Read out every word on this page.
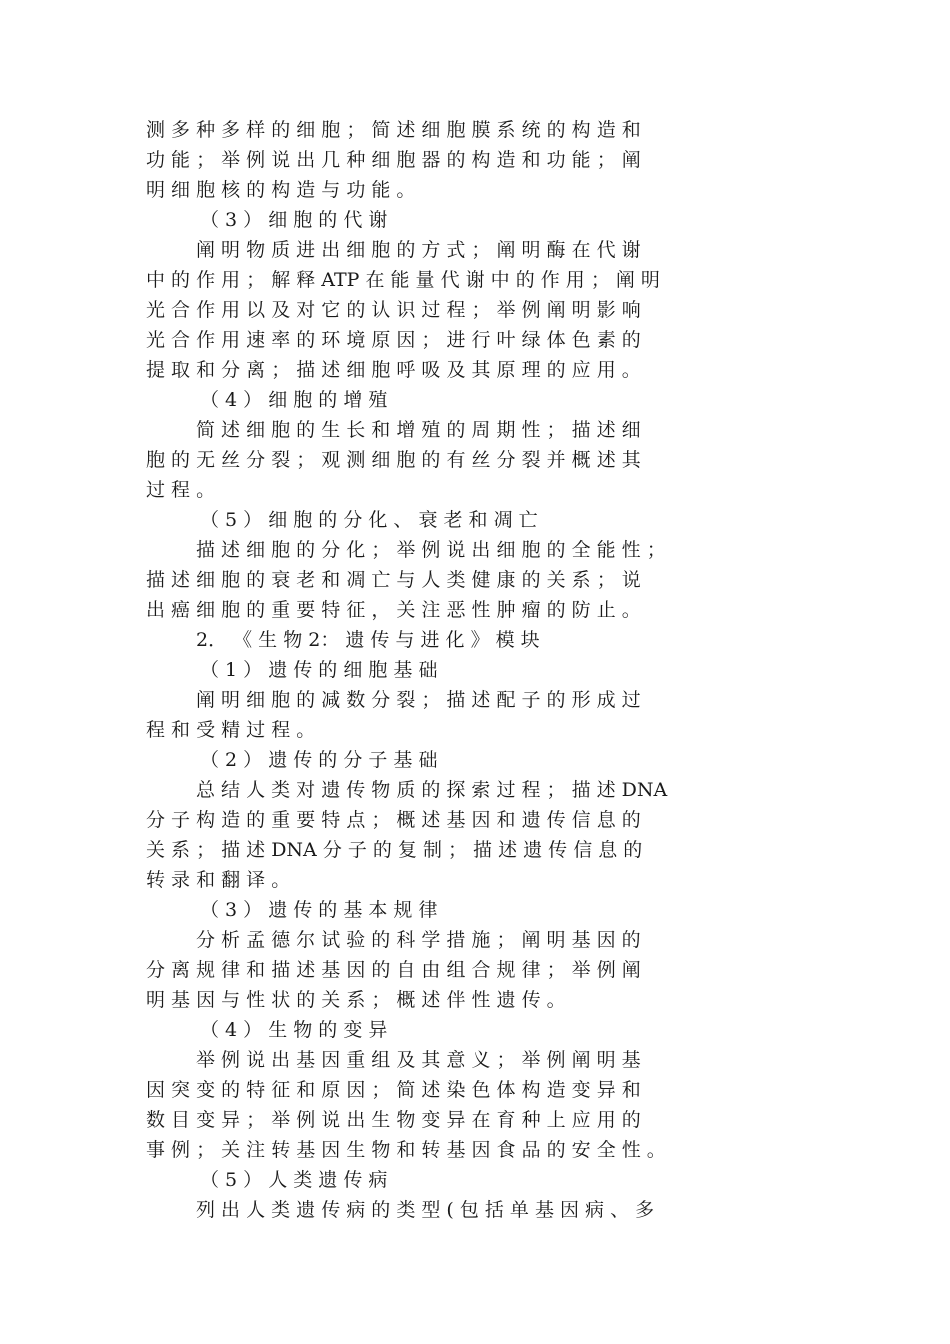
测 多 种 多 样 的 细 胞 ； 简 述 细 胞 膜 系 统 的 构 造 和
功 能 ； 举 例 说 出 几 种 细 胞 器 的 构 造 和 功 能 ； 阐
明 细 胞 核 的 构 造 与 功 能 。
（ 3 ） 细 胞 的 代 谢
阐 明 物 质 进 出 细 胞 的 方 式 ； 阐 明 酶 在 代 谢
中 的 作 用 ； 解 释 ATP 在 能 量 代 谢 中 的 作 用 ； 阐 明
光 合 作 用 以 及 对 它 的 认 识 过 程 ； 举 例 阐 明 影 响
光 合 作 用 速 率 的 环 境 原 因 ； 进 行 叶 绿 体 色 素 的
提 取 和 分 离 ； 描 述 细 胞 呼 吸 及 其 原 理 的 应 用 。
（ 4 ） 细 胞 的 增 殖
简 述 细 胞 的 生 长 和 增 殖 的 周 期 性 ； 描 述 细
胞 的 无 丝 分 裂 ； 观 测 细 胞 的 有 丝 分 裂 并 概 述 其
过 程 。
（ 5 ） 细 胞 的 分 化 、 衰 老 和 凋 亡
描 述 细 胞 的 分 化 ； 举 例 说 出 细 胞 的 全 能 性 ；
描 述 细 胞 的 衰 老 和 凋 亡 与 人 类 健 康 的 关 系 ； 说
出 癌 细 胞 的 重 要 特 征 ， 关 注 恶 性 肿 瘤 的 防 止 。
2． 《 生 物 2： 遗 传 与 进 化 》 模 块
（ 1 ） 遗 传 的 细 胞 基 础
阐 明 细 胞 的 减 数 分 裂 ； 描 述 配 子 的 形 成 过
程 和 受 精 过 程 。
（ 2 ） 遗 传 的 分 子 基 础
总 结 人 类 对 遗 传 物 质 的 探 索 过 程 ； 描 述 DNA
分 子 构 造 的 重 要 特 点 ； 概 述 基 因 和 遗 传 信 息 的
关 系 ； 描 述 DNA 分 子 的 复 制 ； 描 述 遗 传 信 息 的
转 录 和 翻 译 。
（ 3 ） 遗 传 的 基 本 规 律
分 析 孟 德 尔 试 验 的 科 学 措 施 ； 阐 明 基 因 的
分 离 规 律 和 描 述 基 因 的 自 由 组 合 规 律 ； 举 例 阐
明 基 因 与 性 状 的 关 系 ； 概 述 伴 性 遗 传 。
（ 4 ） 生 物 的 变 异
举 例 说 出 基 因 重 组 及 其 意 义 ； 举 例 阐 明 基
因 突 变 的 特 征 和 原 因 ； 简 述 染 色 体 构 造 变 异 和
数 目 变 异 ； 举 例 说 出 生 物 变 异 在 育 种 上 应 用 的
事 例 ； 关 注 转 基 因 生 物 和 转 基 因 食 品 的 安 全 性 。
（ 5 ） 人 类 遗 传 病
列 出 人 类 遗 传 病 的 类 型 ( 包 括 单 基 因 病 、 多
